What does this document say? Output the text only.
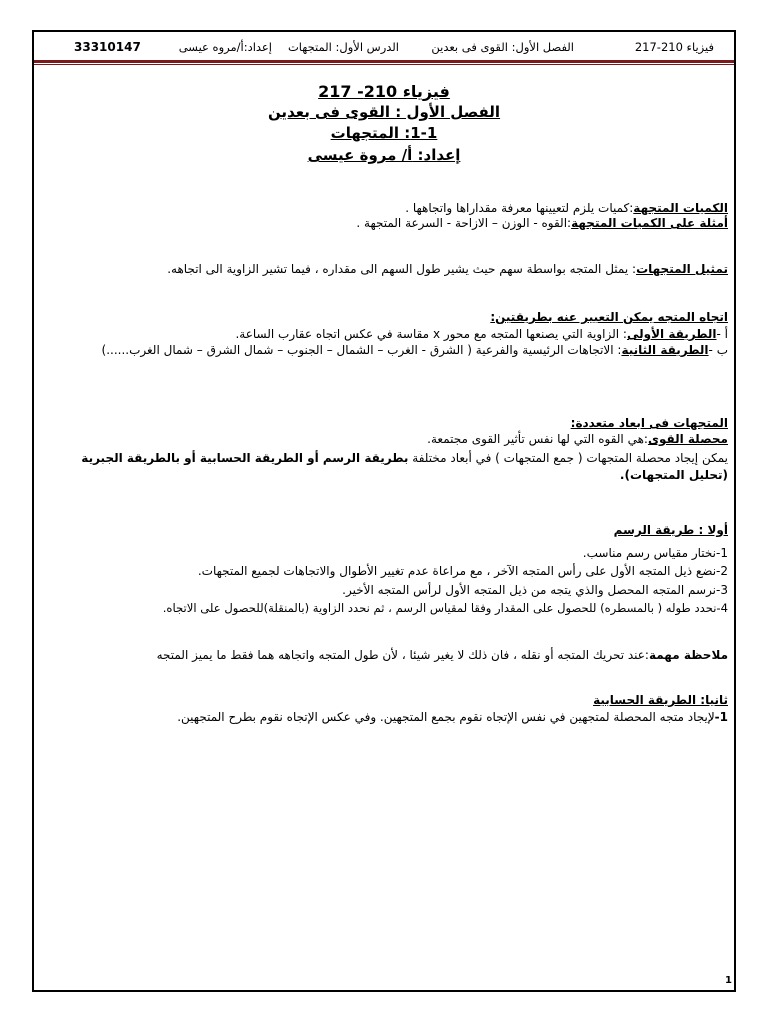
فيزياء 210-217
الفصل الأول: القوى فى بعدين
الدرس الأول: المتجهات
إعداد:أ/مروه عيسى
33310147
فيزياء 210- 217
الفصل الأول : القوى فى بعدين
1-1: المتجهات
إعداد: أ/ مروة عيسى
الكميات المتجهة:كميات يلزم لتعيينها معرفة مقداراها واتجاهها .
أمثلة على الكميات المتجهة:القوه - الوزن – الازاحة - السرعة المتجهة .
تمثيل المتجهات: يمثل المتجه بواسطة سهم حيث يشير طول السهم الى مقداره ، فيما تشير الزاوية الى اتجاهه.
اتجاه المتجه يمكن التعبير عنه بطريقتين:
أ -الطريقة الأولى: الزاوية التي يصنعها المتجه مع محور x مقاسة في عكس اتجاه عقارب الساعة.
ب -الطريقة الثانية: الاتجاهات الرئيسية والفرعية ( الشرق - الغرب – الشمال – الجنوب – شمال الشرق – شمال الغرب......)
المتجهات فى ابعاد متعددة:
محصلة القوى:هي القوه التي لها نفس تأثير القوى مجتمعة.
يمكن إيجاد محصلة المتجهات ( جمع المتجهات ) في أبعاد مختلفة بطريقة الرسم أو الطريقة الحسابية أو بالطريقة الجبرية (تحليل المتجهات).
أولا : طريقة الرسم
1-نختار مقياس رسم مناسب.
2-نضع ذيل المتجه الأول على رأس المتجه الآخر ، مع مراعاة عدم تغيير الأطوال والاتجاهات لجميع المتجهات.
3-نرسم المتجه المحصل والذي يتجه من ذيل المتجه الأول لرأس المتجه الأخير.
4-نحدد طوله ( بالمسطره) للحصول على المقدار وفقا لمقياس الرسم ، ثم نحدد الزاوية (بالمنقلة)للحصول على الاتجاه.
ملاحظة مهمة:عند تحريك المتجه أو نقله ، فان ذلك لا يغير شيئا ، لأن طول المتجه واتجاهه هما فقط ما يميز المتجه
ثانيا: الطريقة الحسابية
1-لإيجاد متجه المحصلة لمتجهين في نفس الإتجاه نقوم بجمع المتجهين. وفي عكس الإتجاه نقوم بطرح المتجهين.
1
